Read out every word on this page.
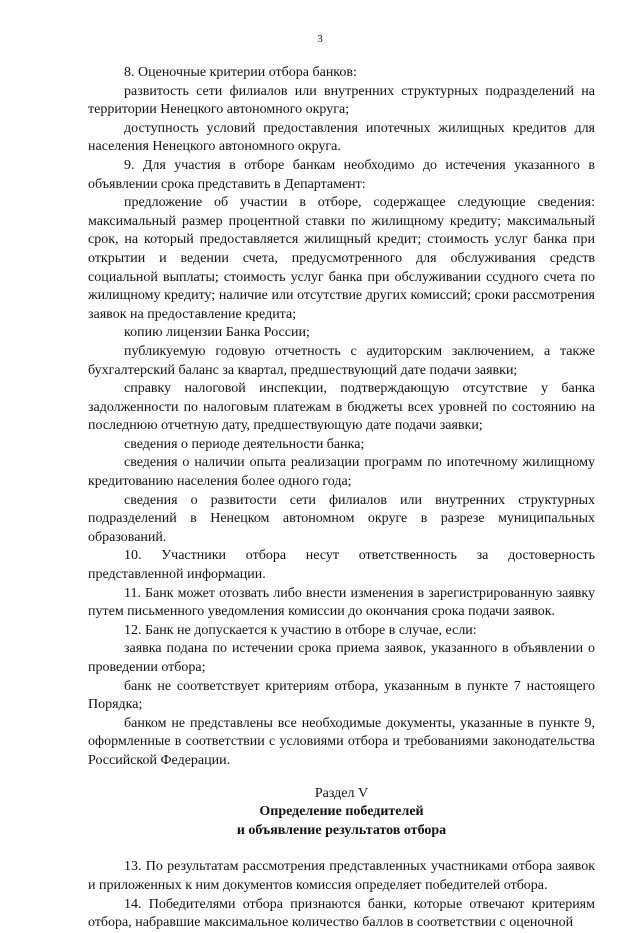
3

8. Оценочные критерии отбора банков:

развитость сети филиалов или внутренних структурных подразделений на территории Ненецкого автономного округа;

доступность условий предоставления ипотечных жилищных кредитов для населения Ненецкого автономного округа.

9. Для участия в отборе банкам необходимо до истечения указанного в объявлении срока представить в Департамент:

предложение об участии в отборе, содержащее следующие сведения: максимальный размер процентной ставки по жилищному кредиту; максимальный срок, на который предоставляется жилищный кредит; стоимость услуг банка при открытии и ведении счета, предусмотренного для обслуживания средств социальной выплаты; стоимость услуг банка при обслуживании ссудного счета по жилищному кредиту; наличие или отсутствие других комиссий; сроки рассмотрения заявок на предоставление кредита;

копию лицензии Банка России;

публикуемую годовую отчетность с аудиторским заключением, а также бухгалтерский баланс за квартал, предшествующий дате подачи заявки;

справку налоговой инспекции, подтверждающую отсутствие у банка задолженности по налоговым платежам в бюджеты всех уровней по состоянию на последнюю отчетную дату, предшествующую дате подачи заявки;

сведения о периоде деятельности банка;

сведения о наличии опыта реализации программ по ипотечному жилищному кредитованию населения более одного года;

сведения о развитости сети филиалов или внутренних структурных подразделений в Ненецком автономном округе в разрезе муниципальных образований.

10. Участники отбора несут ответственность за достоверность представленной информации.

11. Банк может отозвать либо внести изменения в зарегистрированную заявку путем письменного уведомления комиссии до окончания срока подачи заявок.

12. Банк не допускается к участию в отборе в случае, если:

заявка подана по истечении срока приема заявок, указанного в объявлении о проведении отбора;

банк не соответствует критериям отбора, указанным в пункте 7 настоящего Порядка;

банком не представлены все необходимые документы, указанные в пункте 9, оформленные в соответствии с условиями отбора и требованиями законодательства Российской Федерации.

Раздел V

Определение победителей

и объявление результатов отбора

13. По результатам рассмотрения представленных участниками отбора заявок и приложенных к ним документов комиссия определяет победителей отбора.

14. Победителями отбора признаются банки, которые отвечают критериям отбора, набравшие максимальное количество баллов в соответствии с оценочной
